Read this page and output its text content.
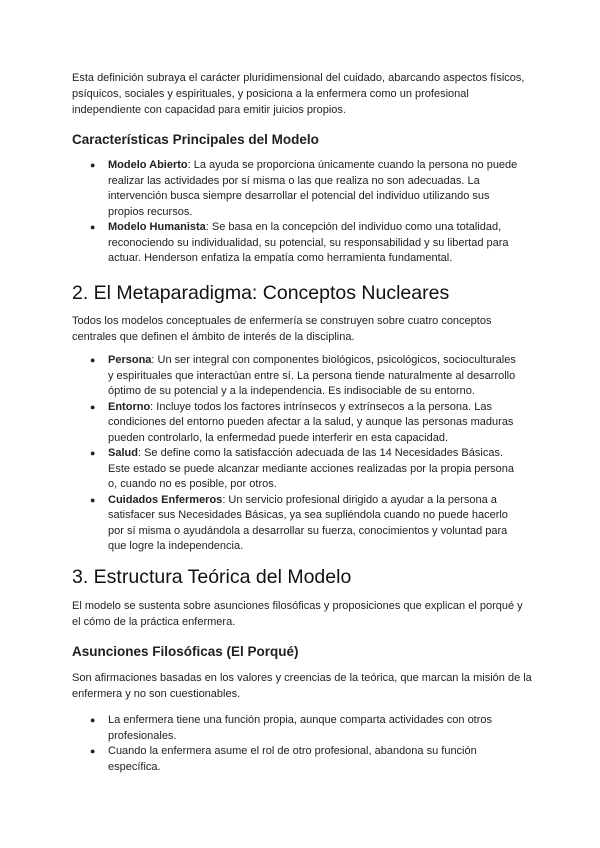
Esta definición subraya el carácter pluridimensional del cuidado, abarcando aspectos físicos, psíquicos, sociales y espirituales, y posiciona a la enfermera como un profesional independiente con capacidad para emitir juicios propios.

Características Principales del Modelo
● Modelo Abierto: La ayuda se proporciona únicamente cuando la persona no puede realizar las actividades por sí misma o las que realiza no son adecuadas. La intervención busca siempre desarrollar el potencial del individuo utilizando sus propios recursos.
● Modelo Humanista: Se basa en la concepción del individuo como una totalidad, reconociendo su individualidad, su potencial, su responsabilidad y su libertad para actuar. Henderson enfatiza la empatía como herramienta fundamental.
2. El Metaparadigma: Conceptos Nucleares

Todos los modelos conceptuales de enfermería se construyen sobre cuatro conceptos centrales que definen el ámbito de interés de la disciplina.

● Persona: Un ser integral con componentes biológicos, psicológicos, socioculturales y espirituales que interactúan entre sí. La persona tiende naturalmente al desarrollo óptimo de su potencial y a la independencia. Es indisociable de su entorno.
● Entorno: Incluye todos los factores intrínsecos y extrínsecos a la persona. Las condiciones del entorno pueden afectar a la salud, y aunque las personas maduras pueden controlarlo, la enfermedad puede interferir en esta capacidad.
● Salud: Se define como la satisfacción adecuada de las 14 Necesidades Básicas. Este estado se puede alcanzar mediante acciones realizadas por la propia persona o, cuando no es posible, por otros.
● Cuidados Enfermeros: Un servicio profesional dirigido a ayudar a la persona a satisfacer sus Necesidades Básicas, ya sea supliéndola cuando no puede hacerlo por sí misma o ayudándola a desarrollar su fuerza, conocimientos y voluntad para que logre la independencia.
3. Estructura Teórica del Modelo

El modelo se sustenta sobre asunciones filosóficas y proposiciones que explican el porqué y el cómo de la práctica enfermera.

Asunciones Filosóficas (El Porqué)

Son afirmaciones basadas en los valores y creencias de la teórica, que marcan la misión de la enfermera y no son cuestionables.

● La enfermera tiene una función propia, aunque comparta actividades con otros profesionales.
● Cuando la enfermera asume el rol de otro profesional, abandona su función específica.
